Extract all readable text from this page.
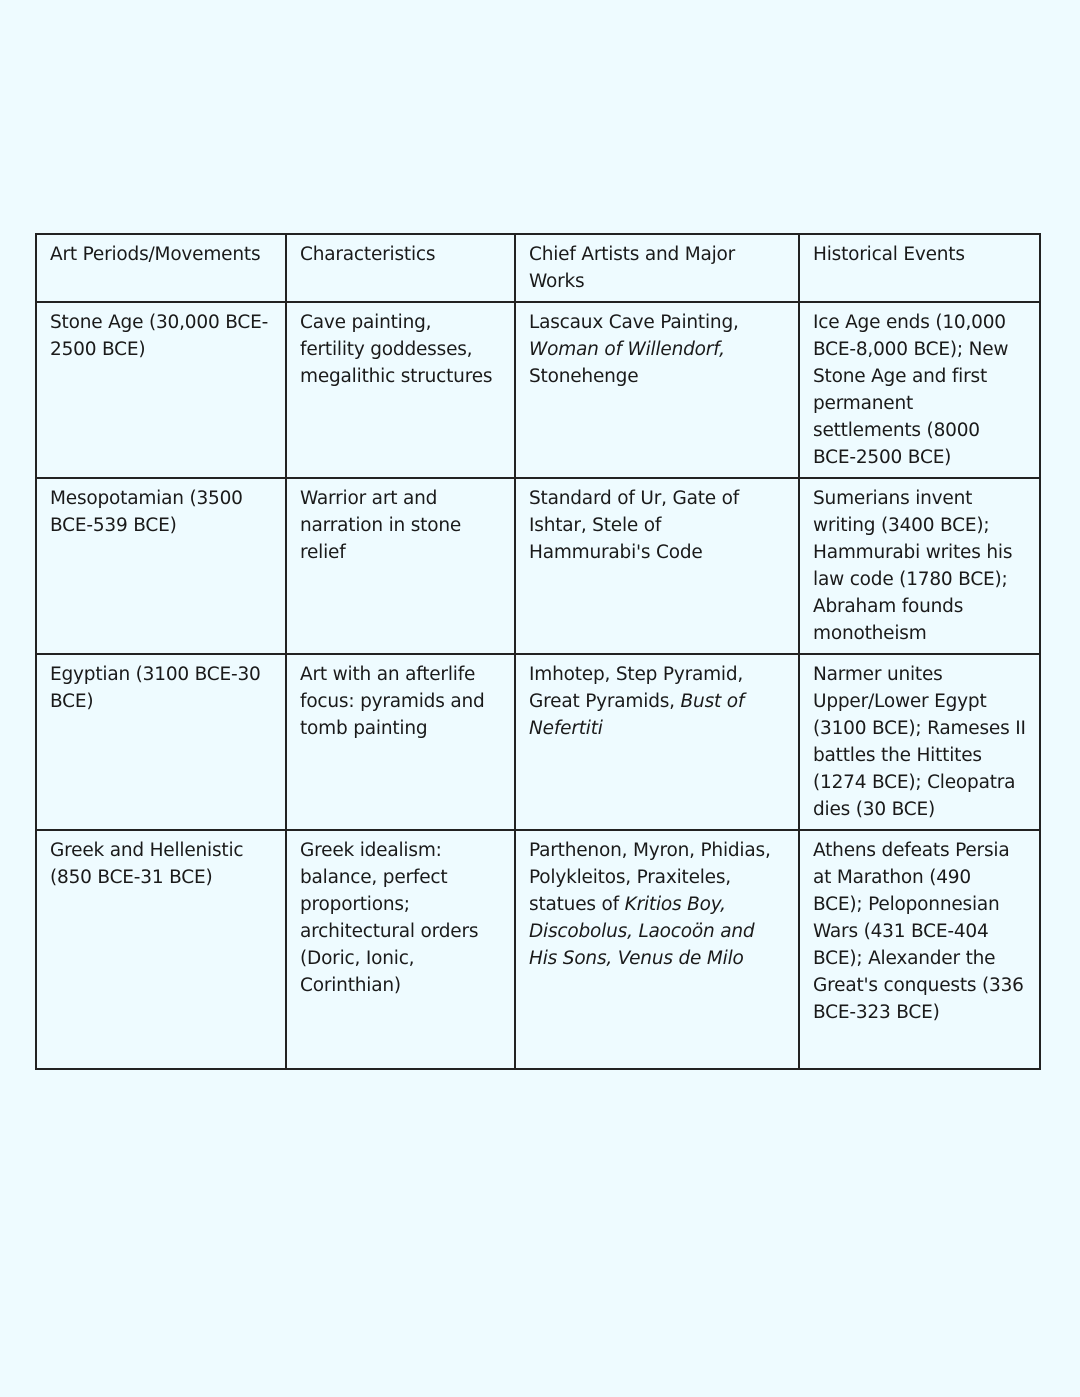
Art Periods/Movements	Characteristics	Chief Artists and Major Works	Historical Events
Stone Age (30,000 BCE-2500 BCE)	Cave painting, fertility goddesses, megalithic structures	Lascaux Cave Painting, Woman of Willendorf, Stonehenge	Ice Age ends (10,000 BCE-8,000 BCE); New Stone Age and first permanent settlements (8000 BCE-2500 BCE)
Mesopotamian (3500 BCE-539 BCE)	Warrior art and narration in stone relief	Standard of Ur, Gate of Ishtar, Stele of Hammurabi's Code	Sumerians invent writing (3400 BCE); Hammurabi writes his law code (1780 BCE); Abraham founds monotheism
Egyptian (3100 BCE-30 BCE)	Art with an afterlife focus: pyramids and tomb painting	Imhotep, Step Pyramid, Great Pyramids, Bust of Nefertiti	Narmer unites Upper/Lower Egypt (3100 BCE); Rameses II battles the Hittites (1274 BCE); Cleopatra dies (30 BCE)
Greek and Hellenistic (850 BCE-31 BCE)	Greek idealism: balance, perfect proportions; architectural orders (Doric, Ionic, Corinthian)	Parthenon, Myron, Phidias, Polykleitos, Praxiteles, statues of Kritios Boy, Discobolus, Laocoön and His Sons, Venus de Milo	Athens defeats Persia at Marathon (490 BCE); Peloponnesian Wars (431 BCE-404 BCE); Alexander the Great's conquests (336 BCE-323 BCE)
